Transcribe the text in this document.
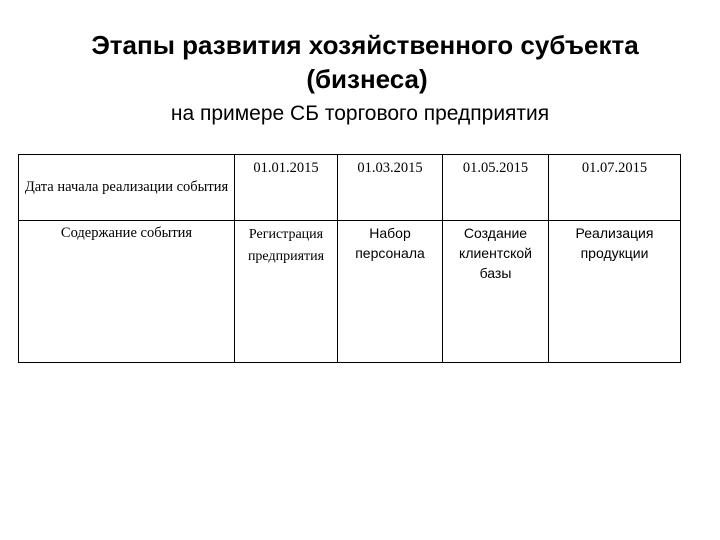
Этапы развития хозяйственного субъекта
(бизнеса)
на примере СБ торгового предприятия
Дата начала реализации события	01.01.2015	01.03.2015	01.05.2015	01.07.2015
Содержание события	Регистрация предприятия	Набор персонала	Создание клиентской базы	Реализация продукции
